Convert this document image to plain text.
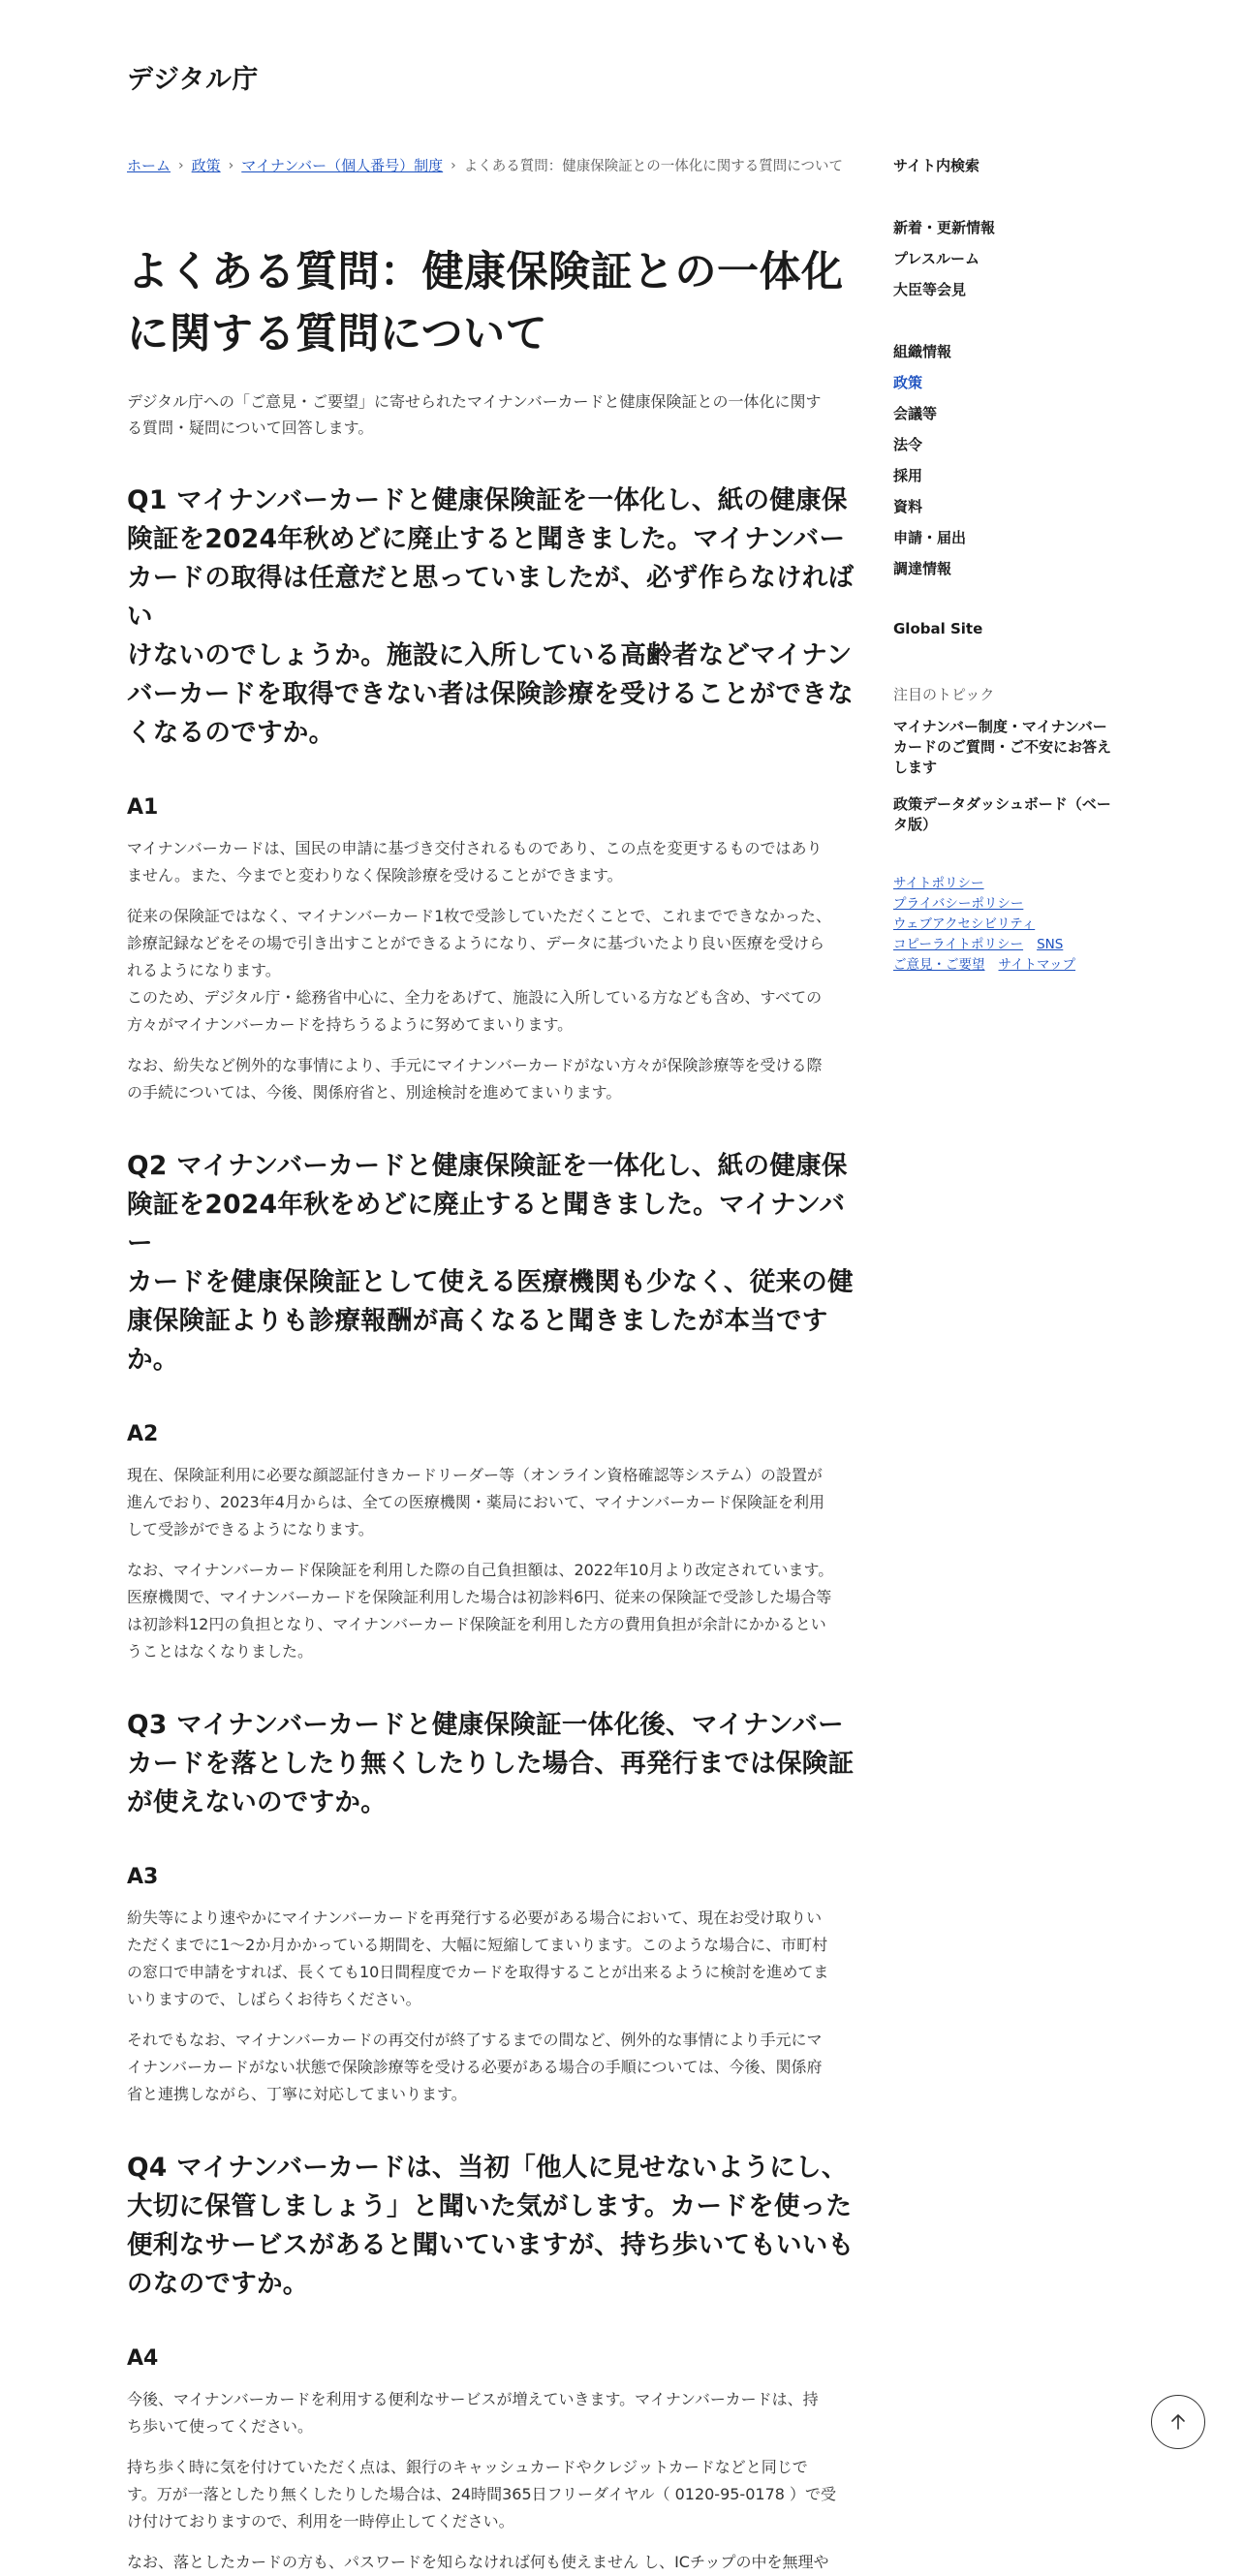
デジタル庁
ホーム › 政策 › マイナンバー（個人番号）制度 › よくある質問：健康保険証との一体化に関する質問について
よくある質問：健康保険証との一体化
に関する質問について

デジタル庁への「ご意見・ご要望」に寄せられたマイナンバーカードと健康保険証との一体化に関す
る質問・疑問について回答します。

Q1 マイナンバーカードと健康保険証を一体化し、紙の健康保
険証を2024年秋めどに廃止すると聞きました。マイナンバー
カードの取得は任意だと思っていましたが、必ず作らなければい
けないのでしょうか。施設に入所している高齢者などマイナン
バーカードを取得できない者は保険診療を受けることができな
くなるのですか。
A1

マイナンバーカードは、国民の申請に基づき交付されるものであり、この点を変更するものではあり
ません。また、今までと変わりなく保険診療を受けることができます。

従来の保険証ではなく、マイナンバーカード1枚で受診していただくことで、これまでできなかった、
診療記録などをその場で引き出すことができるようになり、データに基づいたより良い医療を受けら
れるようになります。
このため、デジタル庁・総務省中心に、全力をあげて、施設に入所している方なども含め、すべての
方々がマイナンバーカードを持ちうるように努めてまいります。

なお、紛失など例外的な事情により、手元にマイナンバーカードがない方々が保険診療等を受ける際
の手続については、今後、関係府省と、別途検討を進めてまいります。

Q2 マイナンバーカードと健康保険証を一体化し、紙の健康保
険証を2024年秋をめどに廃止すると聞きました。マイナンバー
カードを健康保険証として使える医療機関も少なく、従来の健
康保険証よりも診療報酬が高くなると聞きましたが本当です
か。
A2

現在、保険証利用に必要な顔認証付きカードリーダー等（オンライン資格確認等システム）の設置が
進んでおり、2023年4月からは、全ての医療機関・薬局において、マイナンバーカード保険証を利用
して受診ができるようになります。

なお、マイナンバーカード保険証を利用した際の自己負担額は、2022年10月より改定されています。
医療機関で、マイナンバーカードを保険証利用した場合は初診料6円、従来の保険証で受診した場合等
は初診料12円の負担となり、マイナンバーカード保険証を利用した方の費用負担が余計にかかるとい
うことはなくなりました。

Q3 マイナンバーカードと健康保険証一体化後、マイナンバー
カードを落としたり無くしたりした場合、再発行までは保険証
が使えないのですか。
A3

紛失等により速やかにマイナンバーカードを再発行する必要がある場合において、現在お受け取りい
ただくまでに1～2か月かかっている期間を、大幅に短縮してまいります。このような場合に、市町村
の窓口で申請をすれば、長くても10日間程度でカードを取得することが出来るように検討を進めてま
いりますので、しばらくお待ちください。

それでもなお、マイナンバーカードの再交付が終了するまでの間など、例外的な事情により手元にマ
イナンバーカードがない状態で保険診療等を受ける必要がある場合の手順については、今後、関係府
省と連携しながら、丁寧に対応してまいります。

Q4 マイナンバーカードは、当初「他人に見せないようにし、
大切に保管しましょう」と聞いた気がします。カードを使った
便利なサービスがあると聞いていますが、持ち歩いてもいいも
のなのですか。
A4

今後、マイナンバーカードを利用する便利なサービスが増えていきます。マイナンバーカードは、持
ち歩いて使ってください。

持ち歩く時に気を付けていただく点は、銀行のキャッシュカードやクレジットカードなどと同じで
す。万が一落としたり無くしたりした場合は、24時間365日フリーダイヤル（ 0120-95-0178 ）で受
け付けておりますので、利用を一時停止してください。

なお、落としたカードの方も、パスワードを知らなければ何も使えません し、ICチップの中を無理や

サイト内検索
新着・更新情報
プレスルーム
大臣等会見
組織情報
政策
会議等
法令
採用
資料
申請・届出
調達情報
Global Site
注目のトピック
マイナンバー制度・マイナンバー
カードのご質問・ご不安にお答え
します
政策データダッシュボード（ベー
タ版）
サイトポリシー
プライバシーポリシー
ウェブアクセシビリティ
コピーライトポリシー SNS
ご意見・ご要望 サイトマップ
